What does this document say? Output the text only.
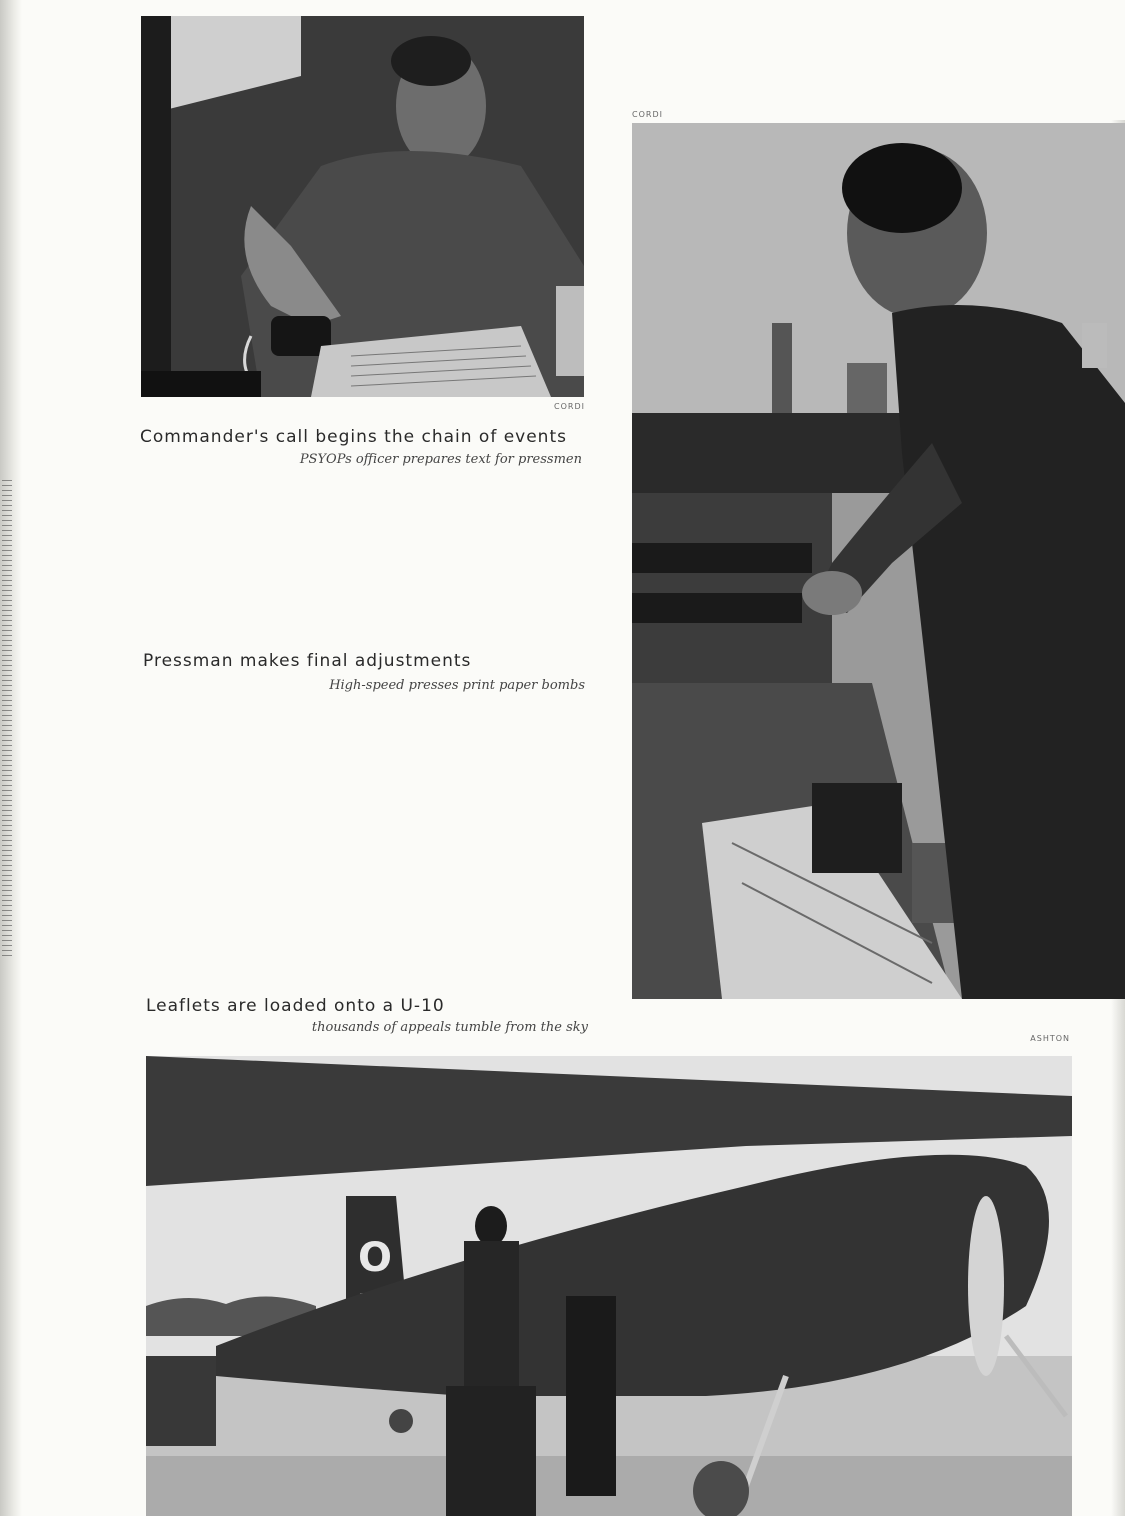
CORDI
Commander's call begins the chain of events
PSYOPs officer prepares text for pressmen
CORDI
Pressman makes final adjustments
High-speed presses print paper bombs
Leaflets are loaded onto a U-10
thousands of appeals tumble from the sky
ASHTON
O
